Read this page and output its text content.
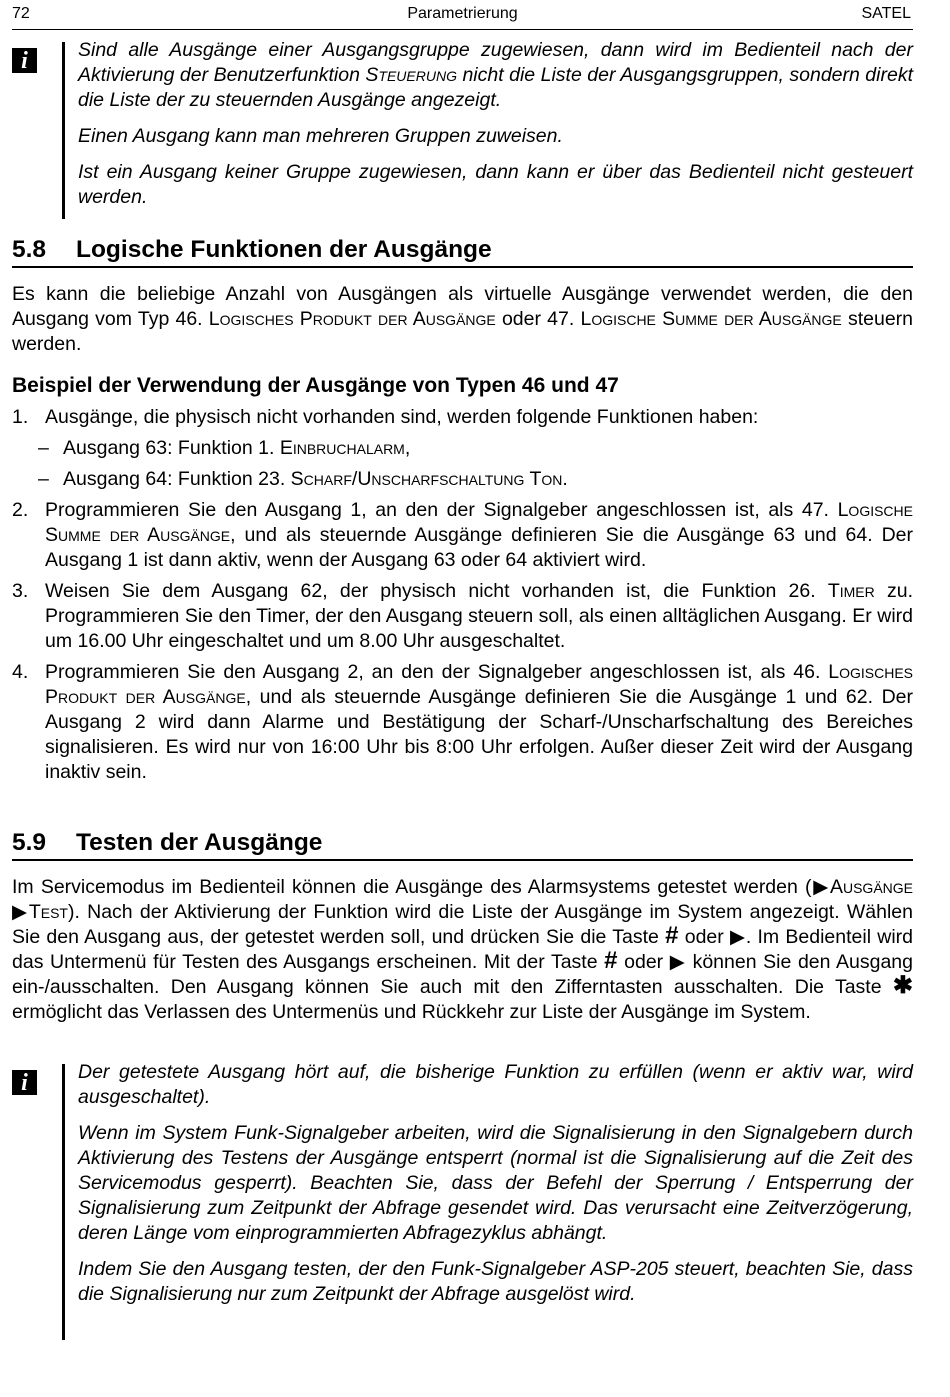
72	Parametrierung	SATEL
i	Sind alle Ausgänge einer Ausgangsgruppe zugewiesen, dann wird im Bedienteil nach der Aktivierung der Benutzerfunktion Steuerung nicht die Liste der Ausgangsgruppen, sondern direkt die Liste der zu steuernden Ausgänge angezeigt.

Einen Ausgang kann man mehreren Gruppen zuweisen.

Ist ein Ausgang keiner Gruppe zugewiesen, dann kann er über das Bedienteil nicht gesteuert werden.

5.8 Logische Funktionen der Ausgänge
Es kann die beliebige Anzahl von Ausgängen als virtuelle Ausgänge verwendet werden, die den Ausgang vom Typ 46. Logisches Produkt der Ausgänge oder 47. Logische Summe der Ausgänge steuern werden.
Beispiel der Verwendung der Ausgänge von Typen 46 und 47
1. Ausgänge, die physisch nicht vorhanden sind, werden folgende Funktionen haben:
– Ausgang 63: Funktion 1. Einbruchalarm,
– Ausgang 64: Funktion 23. Scharf/Unscharfschaltung Ton.
2. Programmieren Sie den Ausgang 1, an den der Signalgeber angeschlossen ist, als 47. Logische Summe der Ausgänge, und als steuernde Ausgänge definieren Sie die Ausgänge 63 und 64. Der Ausgang 1 ist dann aktiv, wenn der Ausgang 63 oder 64 aktiviert wird.
3. Weisen Sie dem Ausgang 62, der physisch nicht vorhanden ist, die Funktion 26. Timer zu. Programmieren Sie den Timer, der den Ausgang steuern soll, als einen alltäglichen Ausgang. Er wird um 16.00 Uhr eingeschaltet und um 8.00 Uhr ausgeschaltet.
4. Programmieren Sie den Ausgang 2, an den der Signalgeber angeschlossen ist, als 46. Logisches Produkt der Ausgänge, und als steuernde Ausgänge definieren Sie die Ausgänge 1 und 62. Der Ausgang 2 wird dann Alarme und Bestätigung der Scharf-/Unscharfschaltung des Bereiches signalisieren. Es wird nur von 16:00 Uhr bis 8:00 Uhr erfolgen. Außer dieser Zeit wird der Ausgang inaktiv sein.
5.9 Testen der Ausgänge
Im Servicemodus im Bedienteil können die Ausgänge des Alarmsystems getestet werden (▶Ausgänge ▶Test). Nach der Aktivierung der Funktion wird die Liste der Ausgänge im System angezeigt. Wählen Sie den Ausgang aus, der getestet werden soll, und drücken Sie die Taste # oder ▶. Im Bedienteil wird das Untermenü für Testen des Ausgangs erscheinen. Mit der Taste # oder ▶ können Sie den Ausgang ein-/ausschalten. Den Ausgang können Sie auch mit den Zifferntasten ausschalten. Die Taste ✱ ermöglicht das Verlassen des Untermenüs und Rückkehr zur Liste der Ausgänge im System.
i	Der getestete Ausgang hört auf, die bisherige Funktion zu erfüllen (wenn er aktiv war, wird ausgeschaltet).

Wenn im System Funk-Signalgeber arbeiten, wird die Signalisierung in den Signalgebern durch Aktivierung des Testens der Ausgänge entsperrt (normal ist die Signalisierung auf die Zeit des Servicemodus gesperrt). Beachten Sie, dass der Befehl der Sperrung / Entsperrung der Signalisierung zum Zeitpunkt der Abfrage gesendet wird. Das verursacht eine Zeitverzögerung, deren Länge vom einprogrammierten Abfragezyklus abhängt.

Indem Sie den Ausgang testen, der den Funk-Signalgeber ASP-205 steuert, beachten Sie, dass die Signalisierung nur zum Zeitpunkt der Abfrage ausgelöst wird.
